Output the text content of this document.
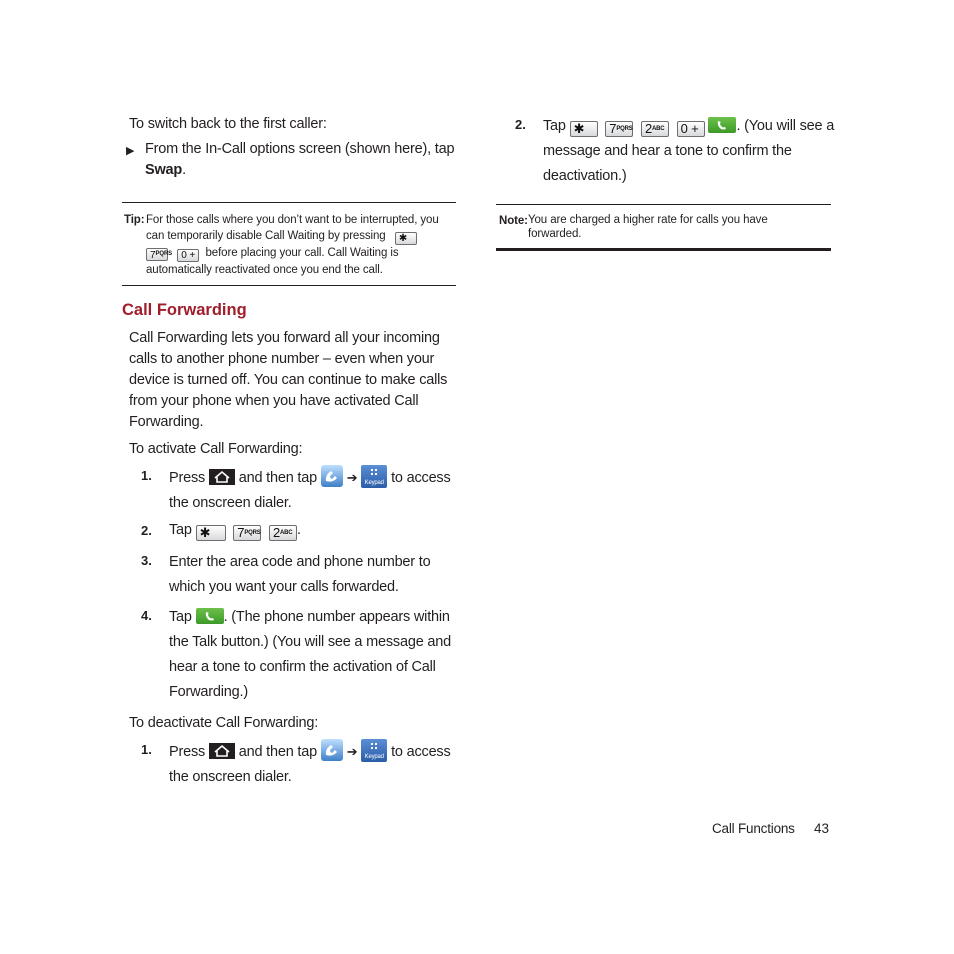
To switch back to the first caller:
▶ From the In-Call options screen (shown here), tap
Swap.
Tip: For those calls where you don’t want to be interrupted, you
can temporarily disable Call Waiting by pressing ✱
$7_{PQRS}$ 0 + before placing your call. Call Waiting is
automatically reactivated once you end the call.
Call Forwarding
Call Forwarding lets you forward all your incoming
calls to another phone number – even when your
device is turned off. You can continue to make calls
from your phone when you have activated Call
Forwarding.
To activate Call Forwarding:
1. Press and then tap ➔	Keypad to access
the onscreen dialer.
2. Tap ✱ $7_{PQRS}$ $2_{ABC}$ .
3. Enter the area code and phone number to
which you want your calls forwarded.
4. Tap . (The phone number appears within
the Talk button.) (You will see a message and
hear a tone to confirm the activation of Call
Forwarding.)
To deactivate Call Forwarding:
1. Press and then tap ➔	Keypad to access
the onscreen dialer.
2. Tap ✱ $7_{PQRS}$ $2_{ABC}$ 0 +	. (You will see a
message and hear a tone to confirm the
deactivation.)
Note: You are charged a higher rate for calls you have
forwarded.
Call Functions 43
